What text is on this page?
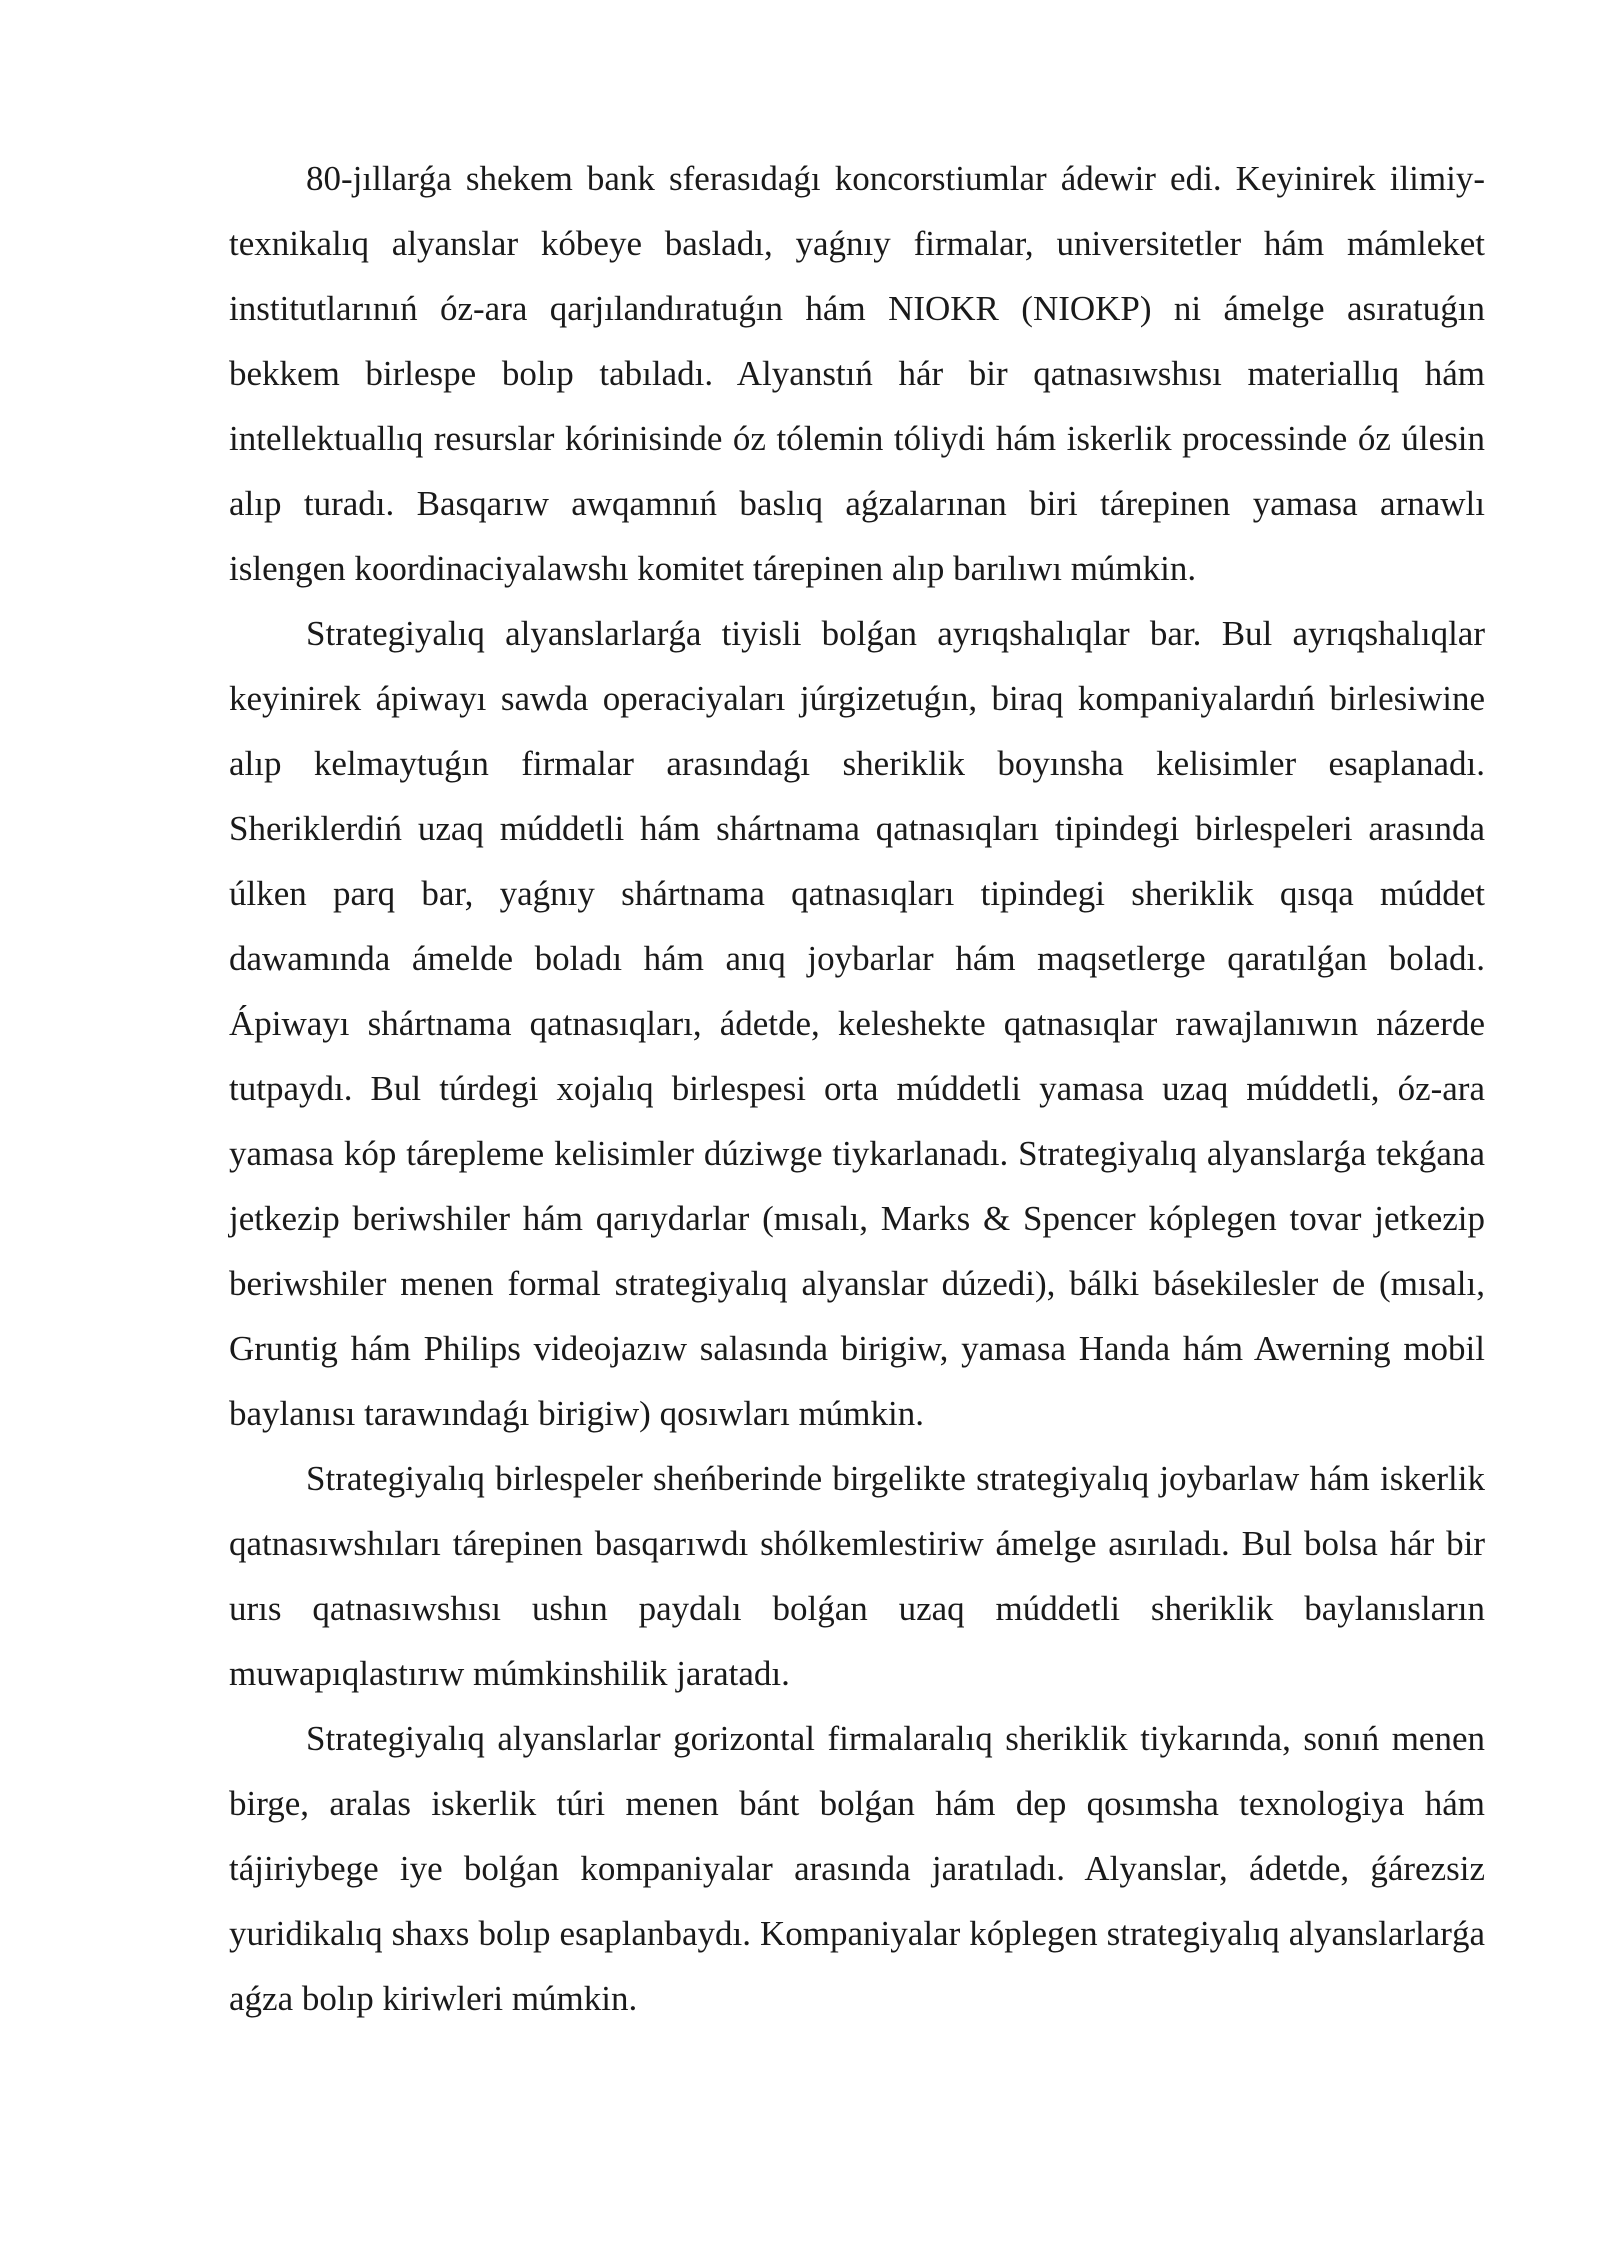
80-jıllarǵa shekem bank sferasıdaǵı koncorstiumlar ádewir edi. Keyinirek ilimiy-texnikalıq alyanslar kóbeye basladı, yaǵnıy firmalar, universitetler hám mámleket institutlarınıń óz-ara qarjılandıratuǵın hám NIOKR (NIOKP) ni ámelge asıratuǵın bekkem birlespe bolıp tabıladı. Alyanstıń hár bir qatnasıwshısı materiallıq hám intellektuallıq resurslar kórinisinde óz tólemin tóliydi hám iskerlik processinde óz úlesin alıp turadı. Basqarıw awqamnıń baslıq aǵzalarınan biri tárepinen yamasa arnawlı islengen koordinaciyalawshı komitet tárepinen alıp barılıwı múmkin.

Strategiyalıq alyanslarlarǵa tiyisli bolǵan ayrıqshalıqlar bar. Bul ayrıqshalıqlar keyinirek ápiwayı sawda operaciyaları júrgizetuǵın, biraq kompaniyalardıń birlesiwine alıp kelmaytuǵın firmalar arasındaǵı sheriklik boyınsha kelisimler esaplanadı. Sheriklerdiń uzaq múddetli hám shártnama qatnasıqları tipindegi birlespeleri arasında úlken parq bar, yaǵnıy shártnama qatnasıqları tipindegi sheriklik qısqa múddet dawamında ámelde boladı hám anıq joybarlar hám maqsetlerge qaratılǵan boladı. Ápiwayı shártnama qatnasıqları, ádetde, keleshekte qatnasıqlar rawajlanıwın názerde tutpaydı. Bul túrdegi xojalıq birlespesi orta múddetli yamasa uzaq múddetli, óz-ara yamasa kóp tárepleme kelisimler dúziwge tiykarlanadı. Strategiyalıq alyanslarǵa tekǵana jetkezip beriwshiler hám qarıydarlar (mısalı, Marks & Spencer kóplegen tovar jetkezip beriwshiler menen formal strategiyalıq alyanslar dúzedi), bálki básekilesler de (mısalı, Gruntig hám Philips videojazıw salasında birigiw, yamasa Handa hám Awerning mobil baylanısı tarawındaǵı birigiw) qosıwları múmkin.

Strategiyalıq birlespeler sheńberinde birgelikte strategiyalıq joybarlaw hám iskerlik qatnasıwshıları tárepinen basqarıwdı shólkemlestiriw ámelge asırıladı. Bul bolsa hár bir urıs qatnasıwshısı ushın paydalı bolǵan uzaq múddetli sheriklik baylanısların muwapıqlastırıw múmkinshilik jaratadı.

Strategiyalıq alyanslarlar gorizontal firmalaralıq sheriklik tiykarında, sonıń menen birge, aralas iskerlik túri menen bánt bolǵan hám dep qosımsha texnologiya hám tájiriybege iye bolǵan kompaniyalar arasında jaratıladı. Alyanslar, ádetde, ǵárezsiz yuridikalıq shaxs bolıp esaplanbaydı. Kompaniyalar kóplegen strategiyalıq alyanslarlarǵa aǵza bolıp kiriwleri múmkin.
